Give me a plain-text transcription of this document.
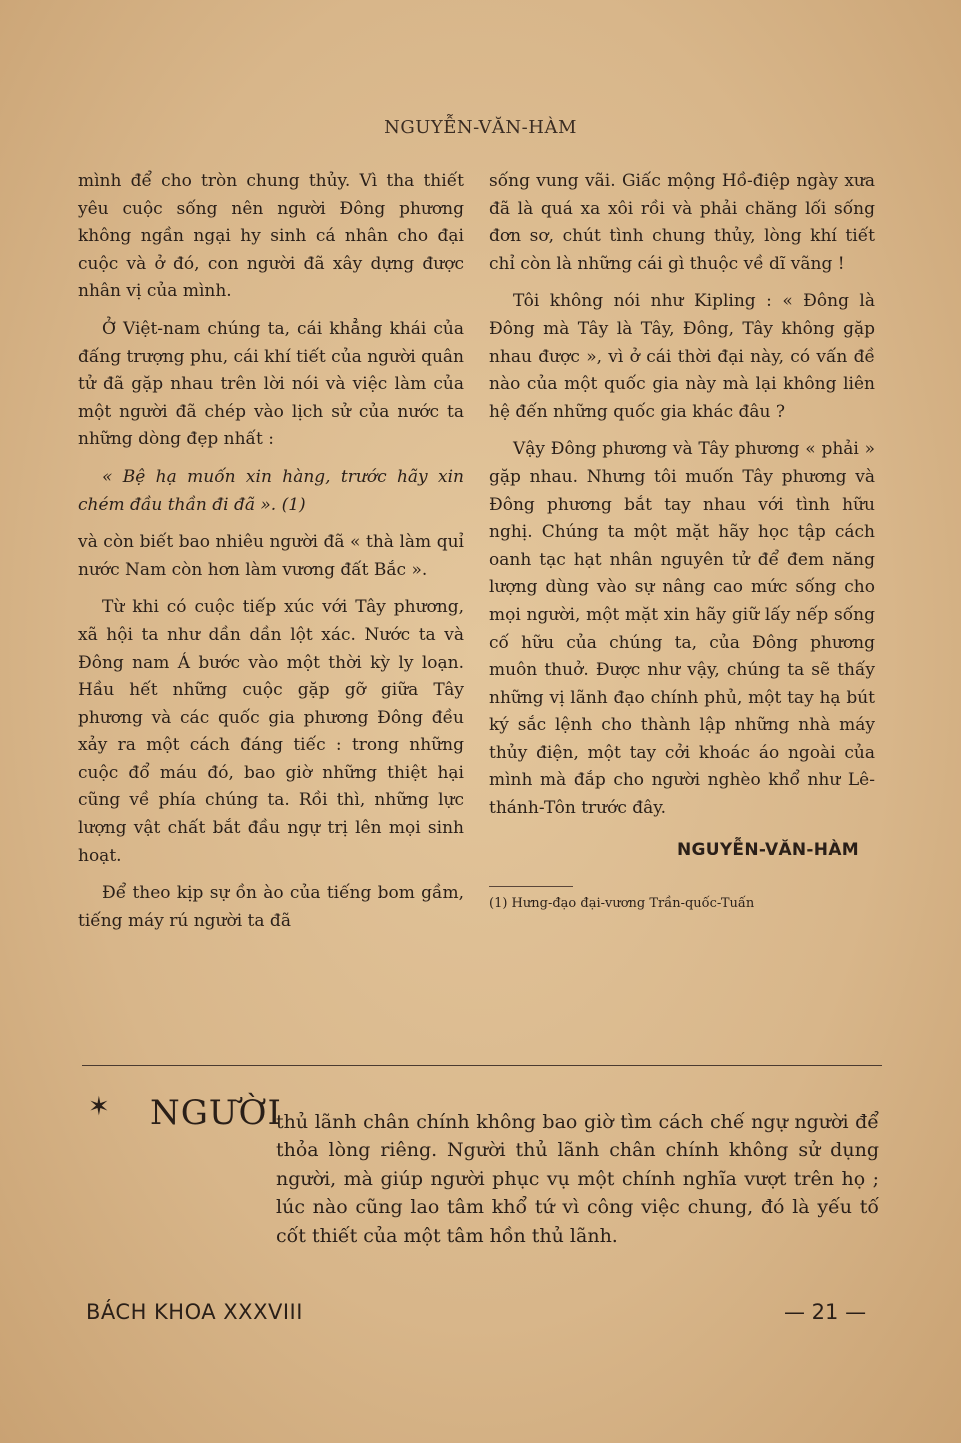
NGUYỄN-VĂN-HÀM

mình để cho tròn chung thủy. Vì tha thiết yêu cuộc sống nên người Đông phương không ngần ngại hy sinh cá nhân cho đại cuộc và ở đó, con người đã xây dựng được nhân vị của mình.

Ở Việt-nam chúng ta, cái khẳng khái của đấng trượng phu, cái khí tiết của người quân tử đã gặp nhau trên lời nói và việc làm của một người đã chép vào lịch sử của nước ta những dòng đẹp nhất :

« Bệ hạ muốn xin hàng, trước hãy xin chém đầu thần đi đã ». (1)

và còn biết bao nhiêu người đã « thà làm quỉ nước Nam còn hơn làm vương đất Bắc ».

Từ khi có cuộc tiếp xúc với Tây phương, xã hội ta như dần dần lột xác. Nước ta và Đông nam Á bước vào một thời kỳ ly loạn. Hầu hết những cuộc gặp gỡ giữa Tây phương và các quốc gia phương Đông đều xảy ra một cách đáng tiếc : trong những cuộc đổ máu đó, bao giờ những thiệt hại cũng về phía chúng ta. Rồi thì, những lực lượng vật chất bắt đầu ngự trị lên mọi sinh hoạt.

Để theo kịp sự ồn ào của tiếng bom gầm, tiếng máy rú người ta đã

sống vung vãi. Giấc mộng Hồ-điệp ngày xưa đã là quá xa xôi rồi và phải chăng lối sống đơn sơ, chút tình chung thủy, lòng khí tiết chỉ còn là những cái gì thuộc về dĩ vãng !

Tôi không nói như Kipling : « Đông là Đông mà Tây là Tây, Đông, Tây không gặp nhau được », vì ở cái thời đại này, có vấn đề nào của một quốc gia này mà lại không liên hệ đến những quốc gia khác đâu ?

Vậy Đông phương và Tây phương « phải » gặp nhau. Nhưng tôi muốn Tây phương và Đông phương bắt tay nhau với tình hữu nghị. Chúng ta một mặt hãy học tập cách oanh tạc hạt nhân nguyên tử để đem năng lượng dùng vào sự nâng cao mức sống cho mọi người, một mặt xin hãy giữ lấy nếp sống cố hữu của chúng ta, của Đông phương muôn thuở. Được như vậy, chúng ta sẽ thấy những vị lãnh đạo chính phủ, một tay hạ bút ký sắc lệnh cho thành lập những nhà máy thủy điện, một tay cởi khoác áo ngoài của mình mà đắp cho người nghèo khổ như Lê-thánh-Tôn trước đây.

NGUYỄN-VĂN-HÀM
(1) Hưng-đạo đại-vương Trần-quốc-Tuấn
✶ NGƯỜI
thủ lãnh chân chính không bao giờ tìm cách chế ngự người để thỏa lòng riêng. Người thủ lãnh chân chính không sử dụng người, mà giúp người phục vụ một chính nghĩa vượt trên họ ; lúc nào cũng lao tâm khổ tứ vì công việc chung, đó là yếu tố cốt thiết của một tâm hồn thủ lãnh.
BÁCH KHOA XXXVIII	— 21 —
